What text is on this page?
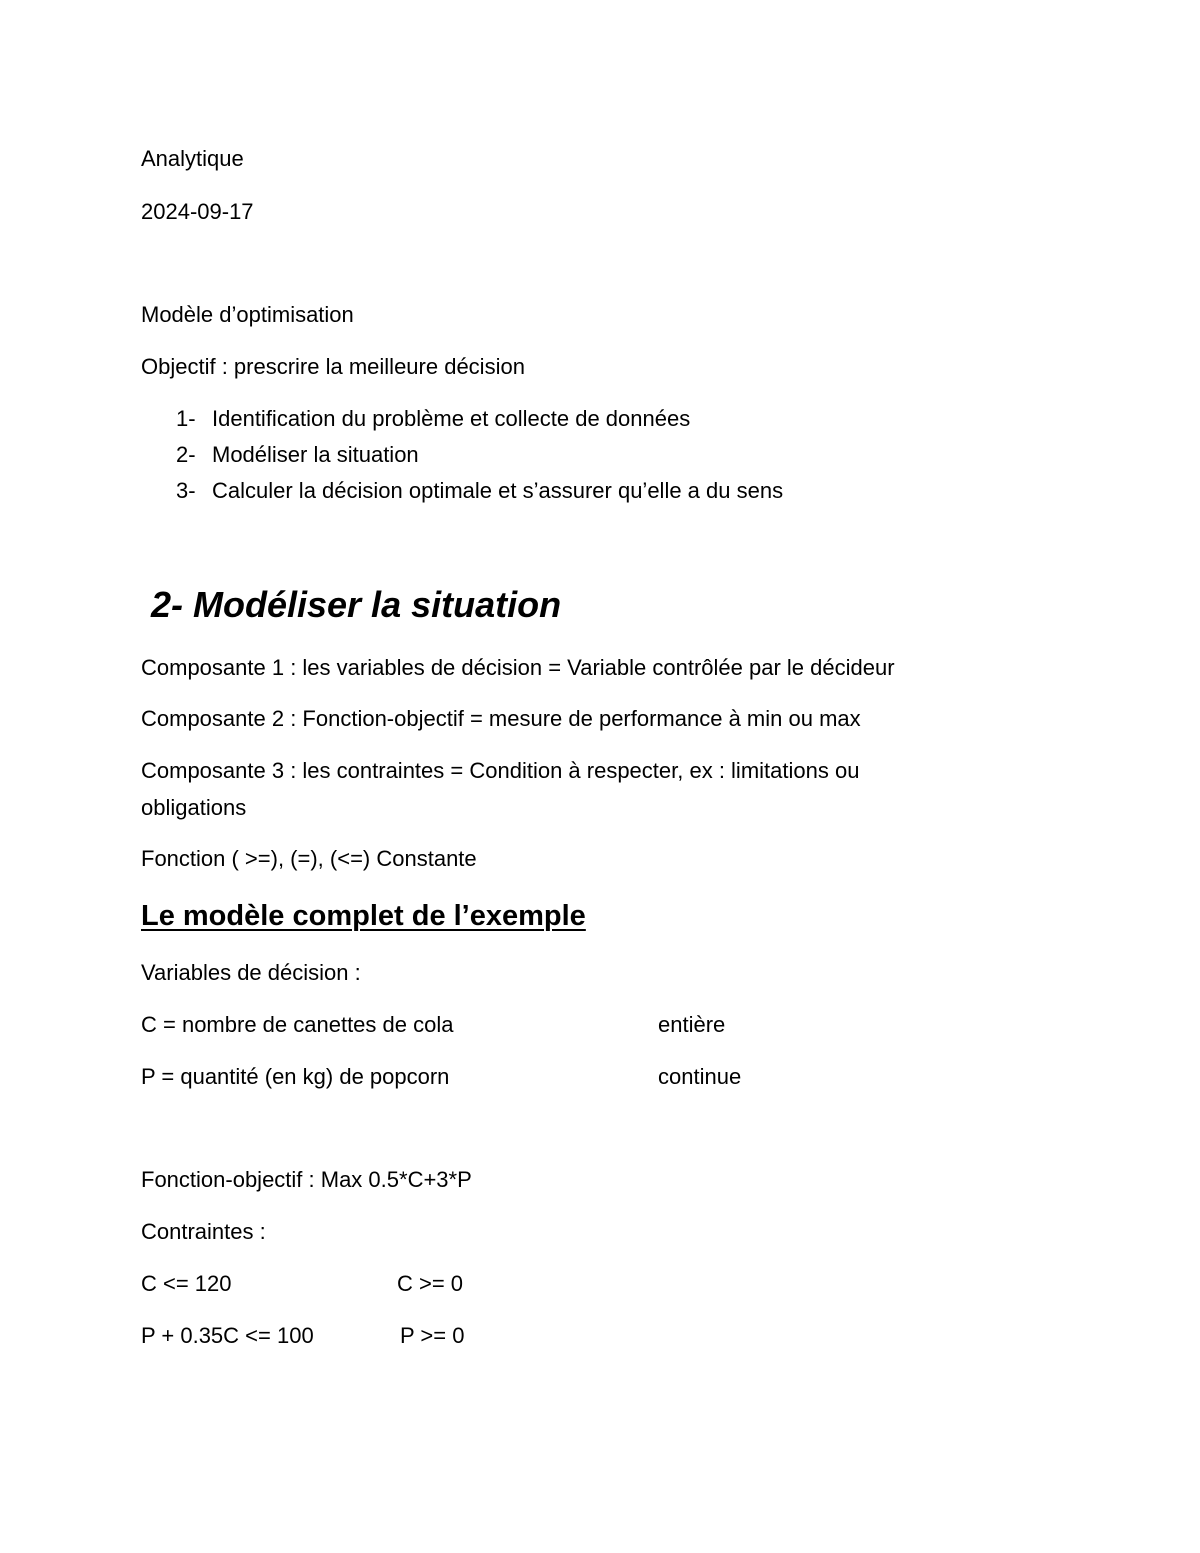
Analytique
2024-09-17
Modèle d’optimisation
Objectif : prescrire la meilleure décision
1- Identification du problème et collecte de données
2- Modéliser la situation
3- Calculer la décision optimale et s’assurer qu’elle a du sens
2- Modéliser la situation
Composante 1 : les variables de décision = Variable contrôlée par le décideur
Composante 2 : Fonction-objectif = mesure de performance à min ou max
Composante 3 : les contraintes = Condition à respecter, ex : limitations ou
obligations
Fonction ( >=), (=), (<=) Constante
Le modèle complet de l’exemple
Variables de décision :
C = nombre de canettes de cola	entière
P = quantité (en kg) de popcorn	continue
Fonction-objectif : Max 0.5*C+3*P
Contraintes :
C <= 120	C >= 0
P + 0.35C <= 100	P >= 0
